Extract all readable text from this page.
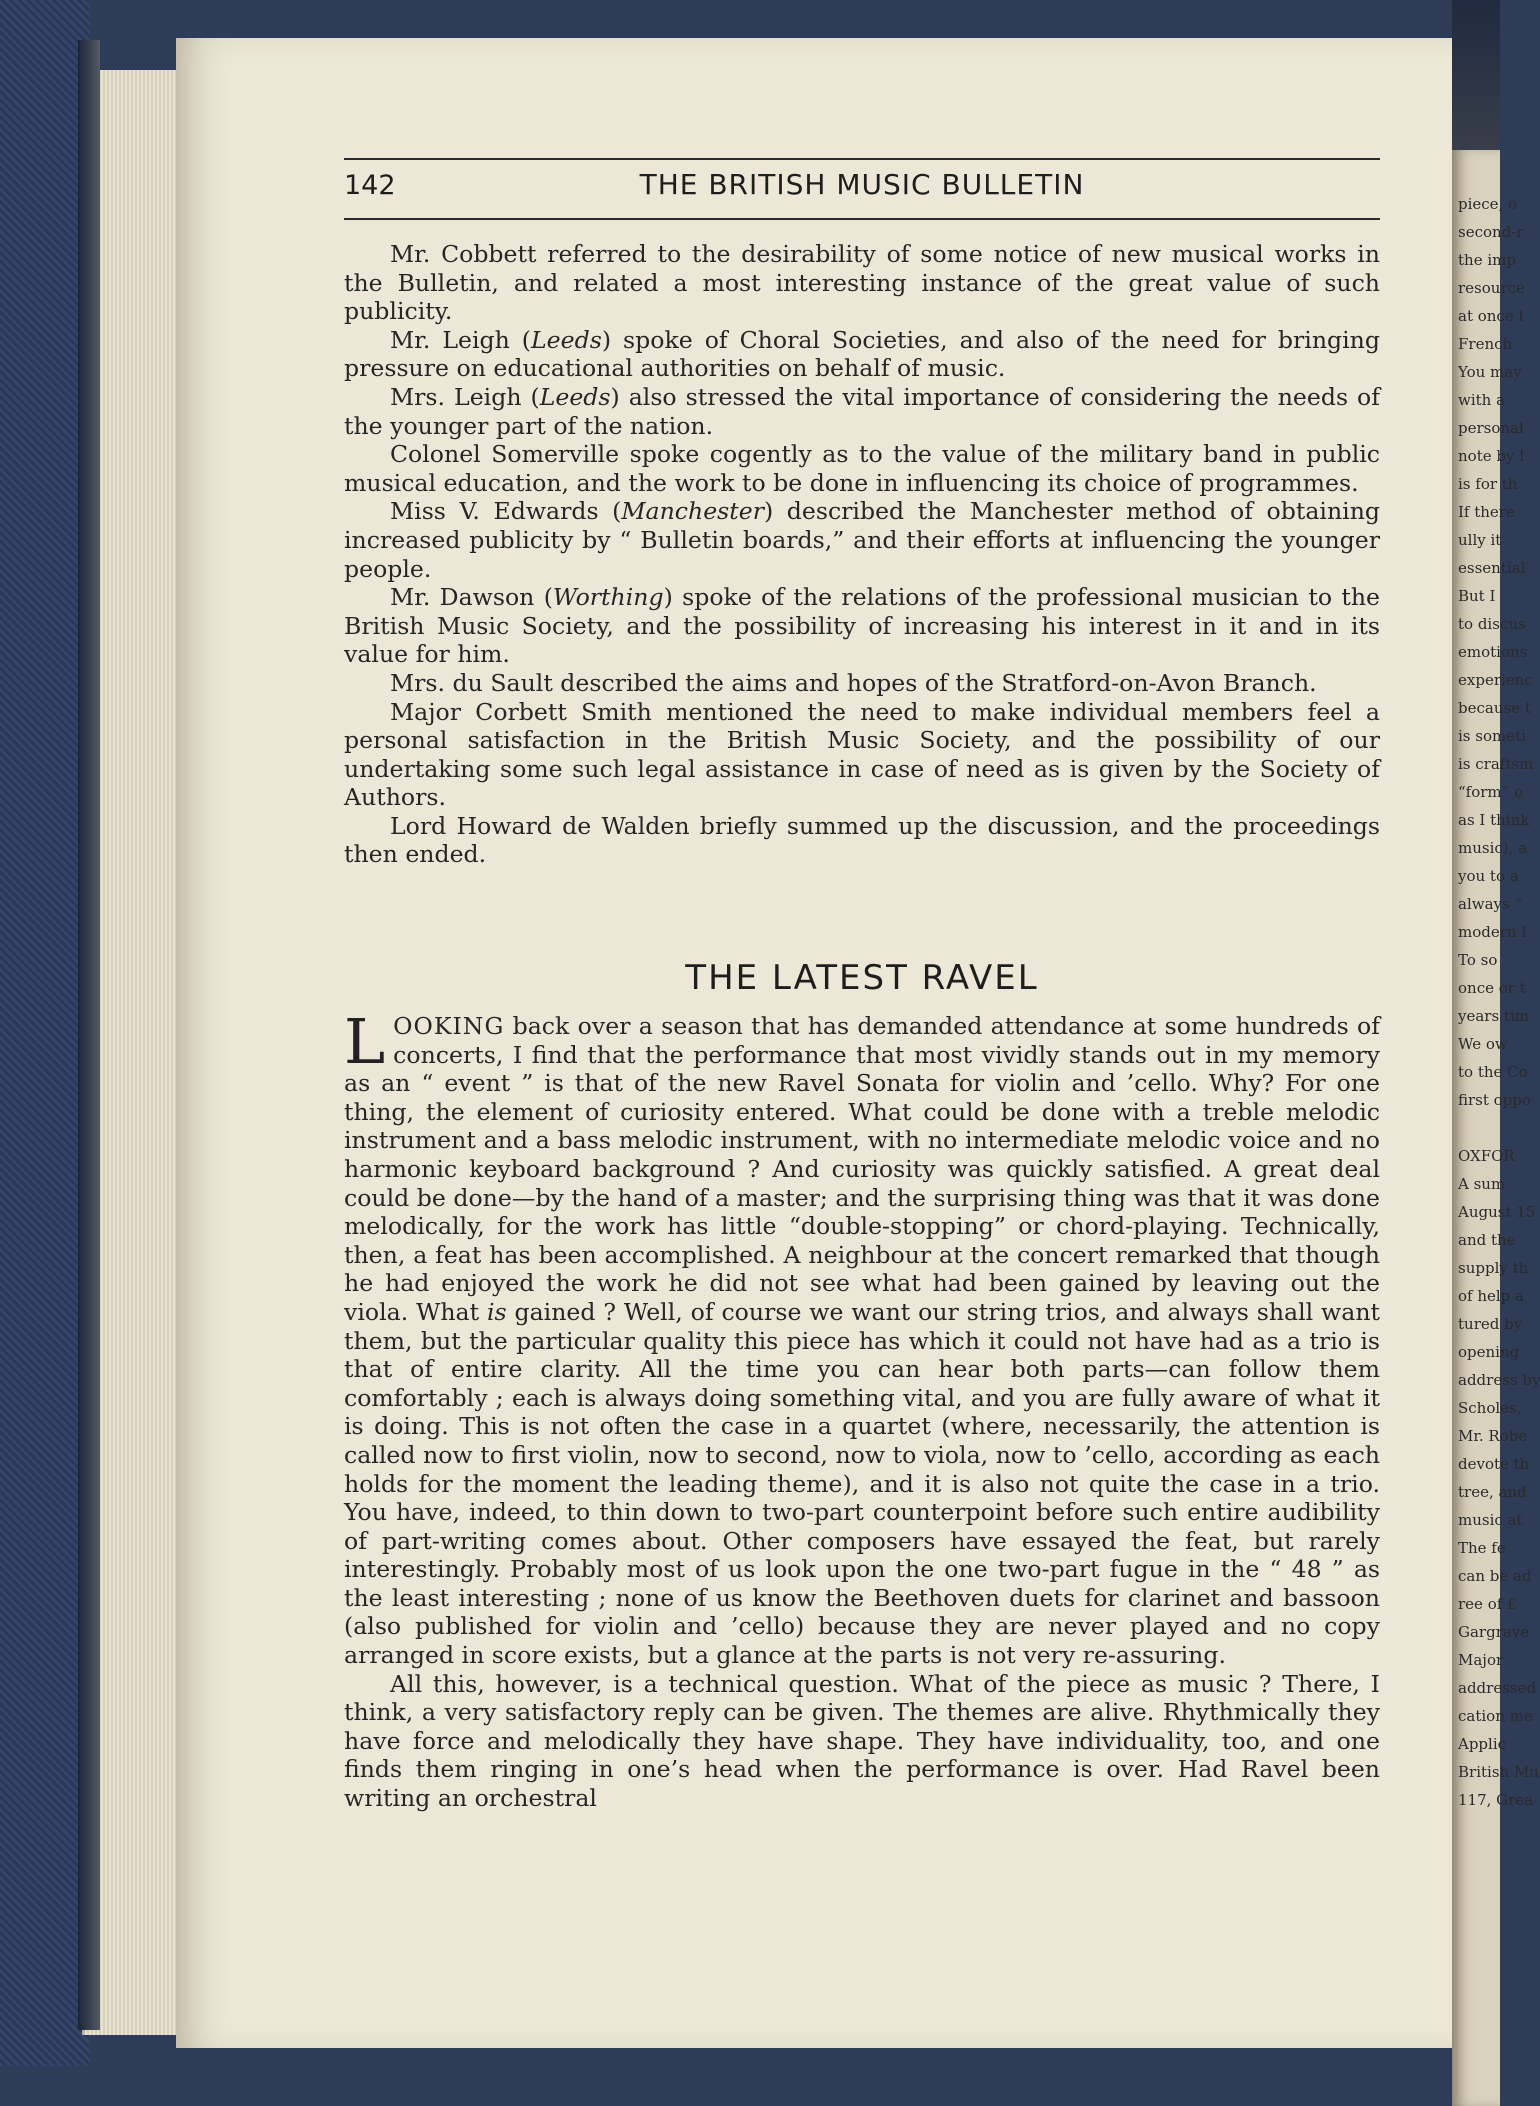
piece, o
second-r
the imp
resource
at once l
French
You may
with a
personal
note by l
is for th
If there
ully it
essential
But I
to discus
emotions
experienc
because t
is someti
is craftsm
“form” o
as I think
music), a
you to a
always “
modern l
To so
once or t
years tim
We ow
to the Co
first oppo

OXFOR
A sum
August 15
and the
supply th
of help a
tured by
opening
address by
Scholes,
Mr. Robe
devote th
tree, and
music at
The fe
can be ad
ree of £
Gargrave
Major
addressed
cation me
Applic
British Mu
117, Grea
142	THE BRITISH MUSIC BULLETIN

Mr. Cobbett referred to the desirability of some notice of new musical works in the Bulletin, and related a most interesting instance of the great value of such publicity.

Mr. Leigh (Leeds) spoke of Choral Societies, and also of the need for bringing pressure on educational authorities on behalf of music.

Mrs. Leigh (Leeds) also stressed the vital importance of considering the needs of the younger part of the nation.

Colonel Somerville spoke cogently as to the value of the military band in public musical education, and the work to be done in influencing its choice of programmes.

Miss V. Edwards (Manchester) described the Manchester method of obtaining increased publicity by “ Bulletin boards,” and their efforts at influencing the younger people.

Mr. Dawson (Worthing) spoke of the relations of the professional musician to the British Music Society, and the possibility of increasing his interest in it and in its value for him.

Mrs. du Sault described the aims and hopes of the Stratford-on-Avon Branch.

Major Corbett Smith mentioned the need to make individual members feel a personal satisfaction in the British Music Society, and the possibility of our undertaking some such legal assistance in case of need as is given by the Society of Authors.

Lord Howard de Walden briefly summed up the discussion, and the proceedings then ended.

THE LATEST RAVEL

LOOKING back over a season that has demanded attendance at some hundreds of concerts, I find that the performance that most vividly stands out in my memory as an “ event ” is that of the new Ravel Sonata for violin and ’cello. Why? For one thing, the element of curiosity entered. What could be done with a treble melodic instrument and a bass melodic instrument, with no intermediate melodic voice and no harmonic keyboard background ? And curiosity was quickly satisfied. A great deal could be done—by the hand of a master; and the surprising thing was that it was done melodically, for the work has little “double-stopping” or chord-playing. Technically, then, a feat has been accomplished. A neighbour at the concert remarked that though he had enjoyed the work he did not see what had been gained by leaving out the viola. What is gained ? Well, of course we want our string trios, and always shall want them, but the particular quality this piece has which it could not have had as a trio is that of entire clarity. All the time you can hear both parts—can follow them comfortably ; each is always doing something vital, and you are fully aware of what it is doing. This is not often the case in a quartet (where, necessarily, the attention is called now to first violin, now to second, now to viola, now to ’cello, according as each holds for the moment the leading theme), and it is also not quite the case in a trio. You have, indeed, to thin down to two-part counterpoint before such entire audibility of part-writing comes about. Other composers have essayed the feat, but rarely interestingly. Probably most of us look upon the one two-part fugue in the “ 48 ” as the least interesting ; none of us know the Beethoven duets for clarinet and bassoon (also published for violin and ’cello) because they are never played and no copy arranged in score exists, but a glance at the parts is not very re-assuring.

All this, however, is a technical question. What of the piece as music ? There, I think, a very satisfactory reply can be given. The themes are alive. Rhythmically they have force and melodically they have shape. They have individuality, too, and one finds them ringing in one’s head when the performance is over. Had Ravel been writing an orchestral
